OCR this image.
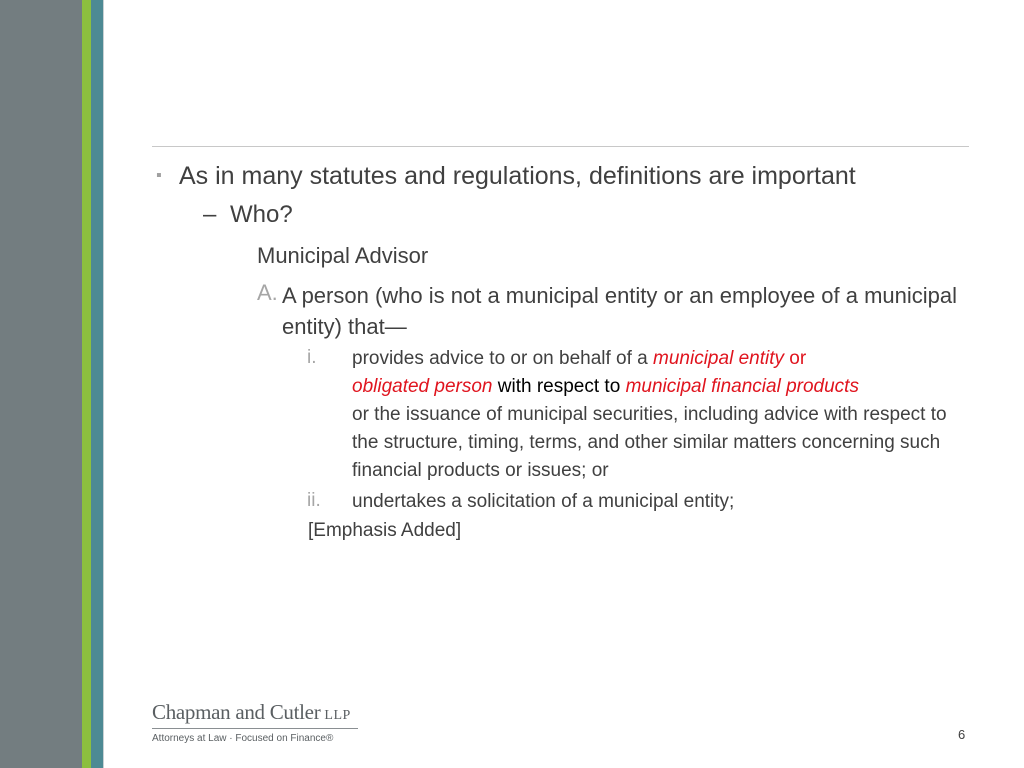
▪ As in many statutes and regulations, definitions are important
– Who?
Municipal Advisor
A. A person (who is not a municipal entity or an employee of a municipal entity) that—
i. provides advice to or on behalf of a municipal entity or
obligated person with respect to municipal financial products
or the issuance of municipal securities, including advice with respect to the structure, timing, terms, and other similar matters concerning such financial products or issues; or
ii. undertakes a solicitation of a municipal entity;
[Emphasis Added]
Chapman and Cutler LLP
Attorneys at Law · Focused on Finance®	6
